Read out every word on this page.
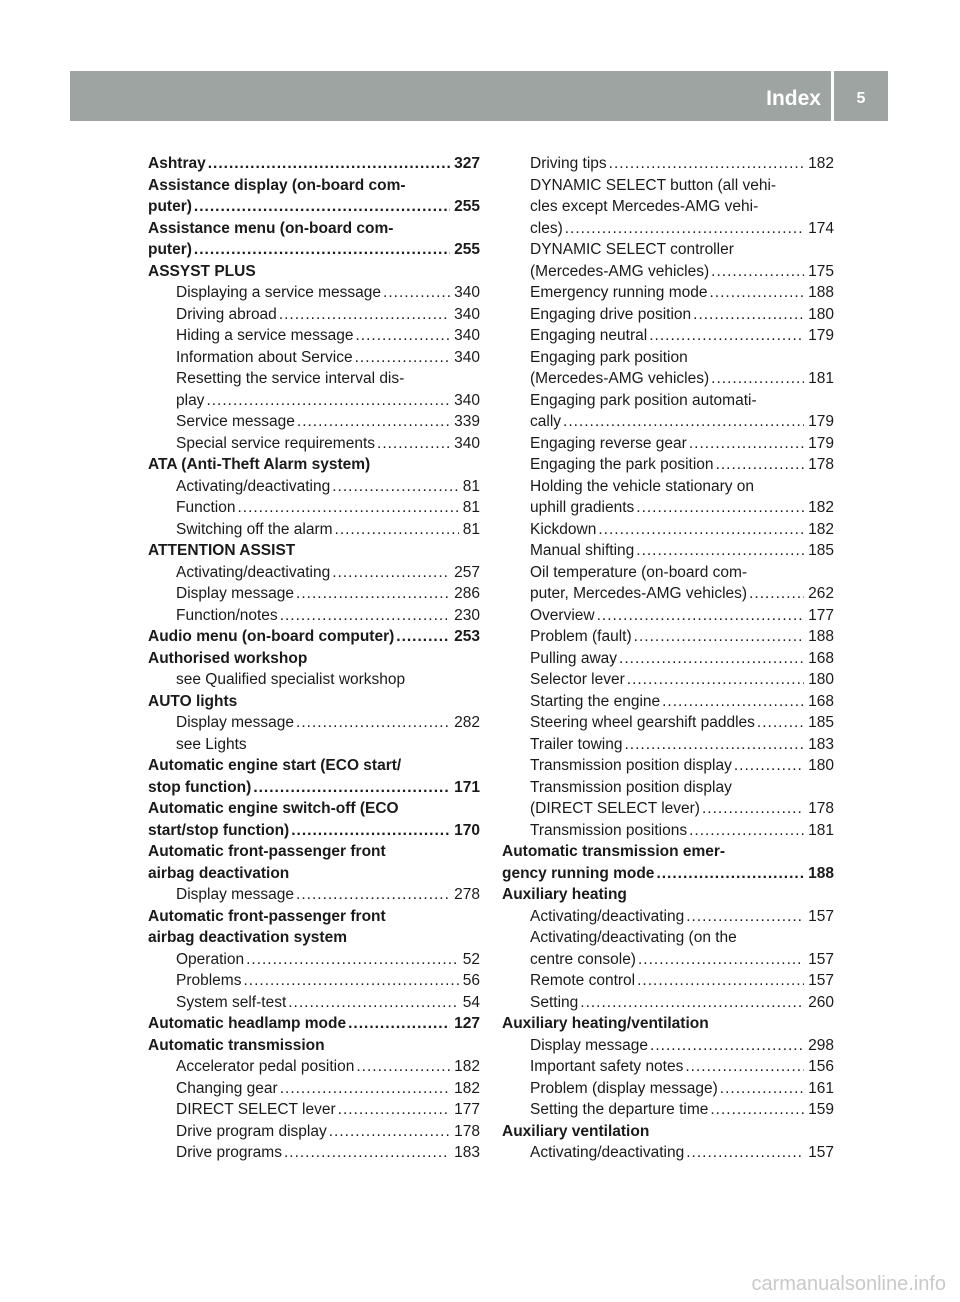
Index	5
Ashtray .....	327
Assistance display (on-board com-
puter) .....	255
Assistance menu (on-board com-
puter) .....	255
ASSYST PLUS
Displaying a service message .....	340
Driving abroad .....	340
Hiding a service message .....	340
Information about Service .....	340
Resetting the service interval dis-
play .....	340
Service message .....	339
Special service requirements .....	340
ATA (Anti-Theft Alarm system)
Activating/deactivating .....	81
Function .....	81
Switching off the alarm .....	81
ATTENTION ASSIST
Activating/deactivating .....	257
Display message .....	286
Function/notes .....	230
Audio menu (on-board computer) .....	253
Authorised workshop
see Qualified specialist workshop
AUTO lights
Display message .....	282
see Lights
Automatic engine start (ECO start/
stop function) .....	171
Automatic engine switch-off (ECO
start/stop function) .....	170
Automatic front-passenger front
airbag deactivation
Display message .....	278
Automatic front-passenger front
airbag deactivation system
Operation .....	52
Problems .....	56
System self-test .....	54
Automatic headlamp mode .....	127
Automatic transmission
Accelerator pedal position .....	182
Changing gear .....	182
DIRECT SELECT lever .....	177
Drive program display .....	178
Drive programs .....	183
Driving tips .....	182
DYNAMIC SELECT button (all vehi-
cles except Mercedes-AMG vehi-
cles) .....	174
DYNAMIC SELECT controller
(Mercedes-AMG vehicles) .....	175
Emergency running mode .....	188
Engaging drive position .....	180
Engaging neutral .....	179
Engaging park position
(Mercedes-AMG vehicles) .....	181
Engaging park position automati-
cally .....	179
Engaging reverse gear .....	179
Engaging the park position .....	178
Holding the vehicle stationary on
uphill gradients .....	182
Kickdown .....	182
Manual shifting .....	185
Oil temperature (on-board com-
puter, Mercedes-AMG vehicles) .....	262
Overview .....	177
Problem (fault) .....	188
Pulling away .....	168
Selector lever .....	180
Starting the engine .....	168
Steering wheel gearshift paddles .....	185
Trailer towing .....	183
Transmission position display .....	180
Transmission position display
(DIRECT SELECT lever) .....	178
Transmission positions .....	181
Automatic transmission emer-
gency running mode .....	188
Auxiliary heating
Activating/deactivating .....	157
Activating/deactivating (on the
centre console) .....	157
Remote control .....	157
Setting .....	260
Auxiliary heating/ventilation
Display message .....	298
Important safety notes .....	156
Problem (display message) .....	161
Setting the departure time .....	159
Auxiliary ventilation
Activating/deactivating .....	157
carmanualsonline.info
